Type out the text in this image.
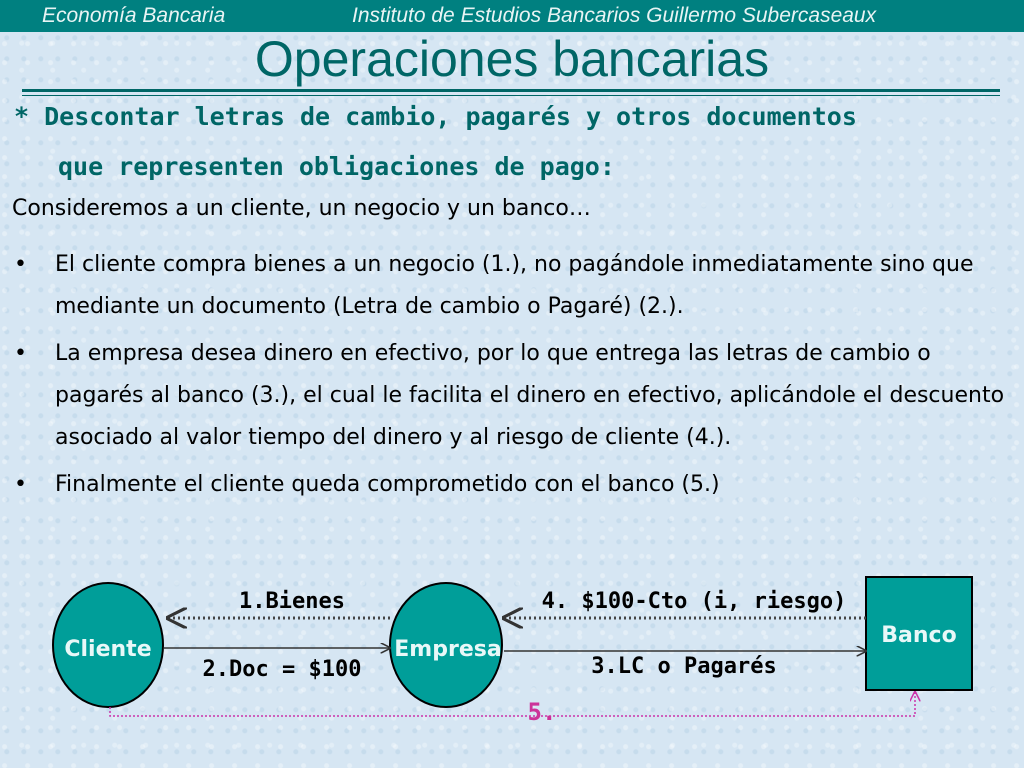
Economía Bancaria	Instituto de Estudios Bancarios Guillermo Subercaseaux
Operaciones bancarias
* Descontar letras de cambio, pagarés y otros documentos
que representen obligaciones de pago:
Consideremos a un cliente, un negocio y un banco…
• El cliente compra bienes a un negocio (1.), no pagándole inmediatamente sino que mediante un documento (Letra de cambio o Pagaré) (2.).
• La empresa desea dinero en efectivo, por lo que entrega las letras de cambio o pagarés al banco (3.), el cual le facilita el dinero en efectivo, aplicándole el descuento asociado al valor tiempo del dinero y al riesgo de cliente (4.).
• Finalmente el cliente queda comprometido con el banco (5.)
Cliente	Empresa
Banco
1.Bienes
2.Doc = $100
4. $100-Cto (i, riesgo)
3.LC o Pagarés
5.
